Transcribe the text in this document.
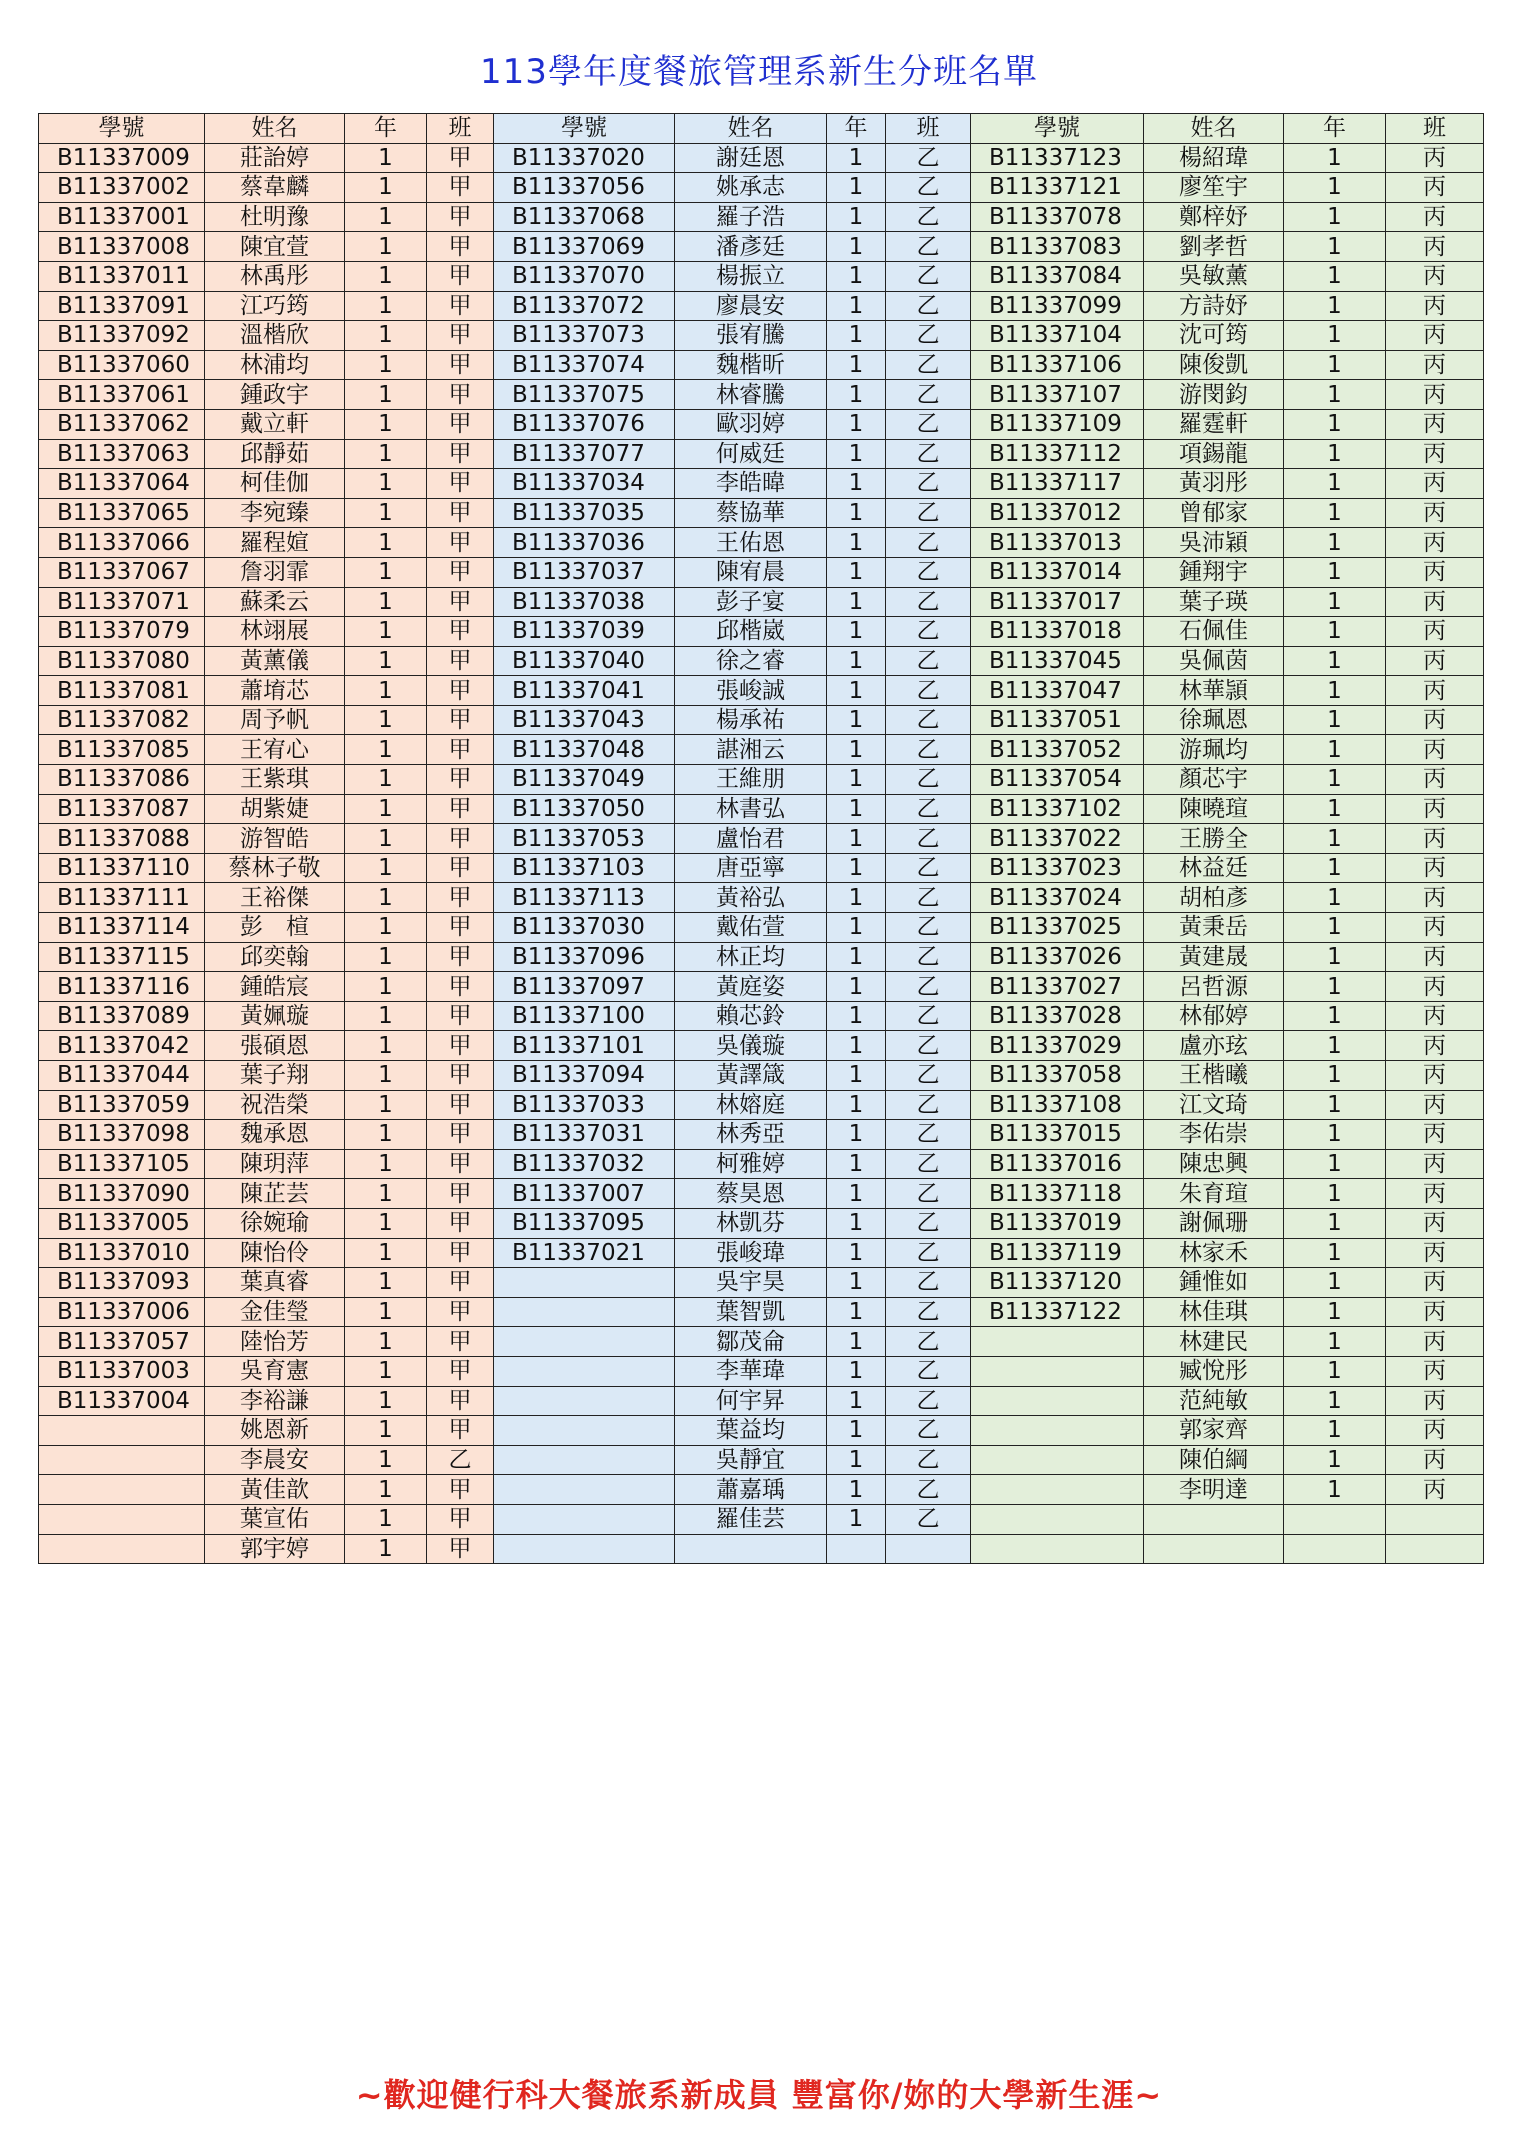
113學年度餐旅管理系新生分班名單
學號	姓名	年	班	學號	姓名	年	班	學號	姓名	年	班
B11337009	莊詒婷	1	甲	B11337020	謝廷恩	1	乙	B11337123	楊紹瑋	1	丙
B11337002	蔡韋麟	1	甲	B11337056	姚承志	1	乙	B11337121	廖笙宇	1	丙
B11337001	杜明豫	1	甲	B11337068	羅子浩	1	乙	B11337078	鄭梓妤	1	丙
B11337008	陳宜萱	1	甲	B11337069	潘彥廷	1	乙	B11337083	劉孝哲	1	丙
B11337011	林禹彤	1	甲	B11337070	楊振立	1	乙	B11337084	吳敏薰	1	丙
B11337091	江巧筠	1	甲	B11337072	廖晨安	1	乙	B11337099	方詩妤	1	丙
B11337092	溫楷欣	1	甲	B11337073	張宥騰	1	乙	B11337104	沈可筠	1	丙
B11337060	林浦均	1	甲	B11337074	魏楷昕	1	乙	B11337106	陳俊凱	1	丙
B11337061	鍾政宇	1	甲	B11337075	林睿騰	1	乙	B11337107	游閔鈞	1	丙
B11337062	戴立軒	1	甲	B11337076	歐羽婷	1	乙	B11337109	羅霆軒	1	丙
B11337063	邱靜茹	1	甲	B11337077	何威廷	1	乙	B11337112	項錫龍	1	丙
B11337064	柯佳伽	1	甲	B11337034	李皓暐	1	乙	B11337117	黃羽彤	1	丙
B11337065	李宛臻	1	甲	B11337035	蔡協華	1	乙	B11337012	曾郁家	1	丙
B11337066	羅程媗	1	甲	B11337036	王佑恩	1	乙	B11337013	吳沛穎	1	丙
B11337067	詹羽霏	1	甲	B11337037	陳宥晨	1	乙	B11337014	鍾翔宇	1	丙
B11337071	蘇柔云	1	甲	B11337038	彭子宴	1	乙	B11337017	葉子瑛	1	丙
B11337079	林翊展	1	甲	B11337039	邱楷崴	1	乙	B11337018	石佩佳	1	丙
B11337080	黃薰儀	1	甲	B11337040	徐之睿	1	乙	B11337045	吳佩茵	1	丙
B11337081	蕭堉芯	1	甲	B11337041	張峻誠	1	乙	B11337047	林華頴	1	丙
B11337082	周予帆	1	甲	B11337043	楊承祐	1	乙	B11337051	徐珮恩	1	丙
B11337085	王宥心	1	甲	B11337048	諶湘云	1	乙	B11337052	游珮均	1	丙
B11337086	王紫琪	1	甲	B11337049	王維朋	1	乙	B11337054	顏芯宇	1	丙
B11337087	胡紫婕	1	甲	B11337050	林書弘	1	乙	B11337102	陳曉瑄	1	丙
B11337088	游智皓	1	甲	B11337053	盧怡君	1	乙	B11337022	王勝全	1	丙
B11337110	蔡林子敬	1	甲	B11337103	唐亞寧	1	乙	B11337023	林益廷	1	丙
B11337111	王裕傑	1	甲	B11337113	黃裕弘	1	乙	B11337024	胡柏彥	1	丙
B11337114	彭　楦	1	甲	B11337030	戴佑萱	1	乙	B11337025	黃秉岳	1	丙
B11337115	邱奕翰	1	甲	B11337096	林正均	1	乙	B11337026	黃建晟	1	丙
B11337116	鍾皓宸	1	甲	B11337097	黃庭姿	1	乙	B11337027	呂哲源	1	丙
B11337089	黃姵璇	1	甲	B11337100	賴芯鈴	1	乙	B11337028	林郁婷	1	丙
B11337042	張碩恩	1	甲	B11337101	吳儀璇	1	乙	B11337029	盧亦玹	1	丙
B11337044	葉子翔	1	甲	B11337094	黃譯箴	1	乙	B11337058	王楷曦	1	丙
B11337059	祝浩榮	1	甲	B11337033	林嫆庭	1	乙	B11337108	江文琦	1	丙
B11337098	魏承恩	1	甲	B11337031	林秀亞	1	乙	B11337015	李佑崇	1	丙
B11337105	陳玥萍	1	甲	B11337032	柯雅婷	1	乙	B11337016	陳忠興	1	丙
B11337090	陳芷芸	1	甲	B11337007	蔡昊恩	1	乙	B11337118	朱育瑄	1	丙
B11337005	徐婉瑜	1	甲	B11337095	林凱芬	1	乙	B11337019	謝佩珊	1	丙
B11337010	陳怡伶	1	甲	B11337021	張峻瑋	1	乙	B11337119	林家禾	1	丙
B11337093	葉真睿	1	甲		吳宇昊	1	乙	B11337120	鍾惟如	1	丙
B11337006	金佳瑩	1	甲		葉智凱	1	乙	B11337122	林佳琪	1	丙
B11337057	陸怡芳	1	甲		鄒茂侖	1	乙		林建民	1	丙
B11337003	吳育憲	1	甲		李華瑋	1	乙		臧悅彤	1	丙
B11337004	李裕謙	1	甲		何宇昇	1	乙		范純敏	1	丙
	姚恩新	1	甲		葉益均	1	乙		郭家齊	1	丙
	李晨安	1	乙		吳靜宜	1	乙		陳伯綱	1	丙
	黃佳歆	1	甲		蕭嘉瑀	1	乙		李明達	1	丙
	葉宣佑	1	甲		羅佳芸	1	乙				
	郭宇婷	1	甲								
~歡迎健行科大餐旅系新成員 豐富你/妳的大學新生涯~
